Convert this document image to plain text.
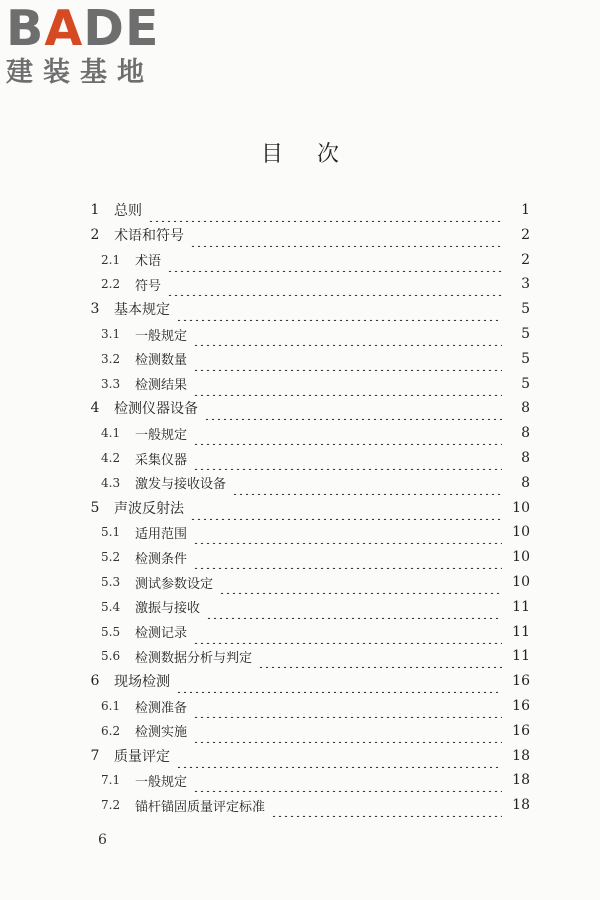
BADE
建装基地
目次
1	总则	1
2	术语和符号	2
2.1	术语	2
2.2	符号	3
3	基本规定	5
3.1	一般规定	5
3.2	检测数量	5
3.3	检测结果	5
4	检测仪器设备	8
4.1	一般规定	8
4.2	采集仪器	8
4.3	激发与接收设备	8
5	声波反射法	10
5.1	适用范围	10
5.2	检测条件	10
5.3	测试参数设定	10
5.4	激振与接收	11
5.5	检测记录	11
5.6	检测数据分析与判定	11
6	现场检测	16
6.1	检测准备	16
6.2	检测实施	16
7	质量评定	18
7.1	一般规定	18
7.2	锚杆锚固质量评定标准	18
6
